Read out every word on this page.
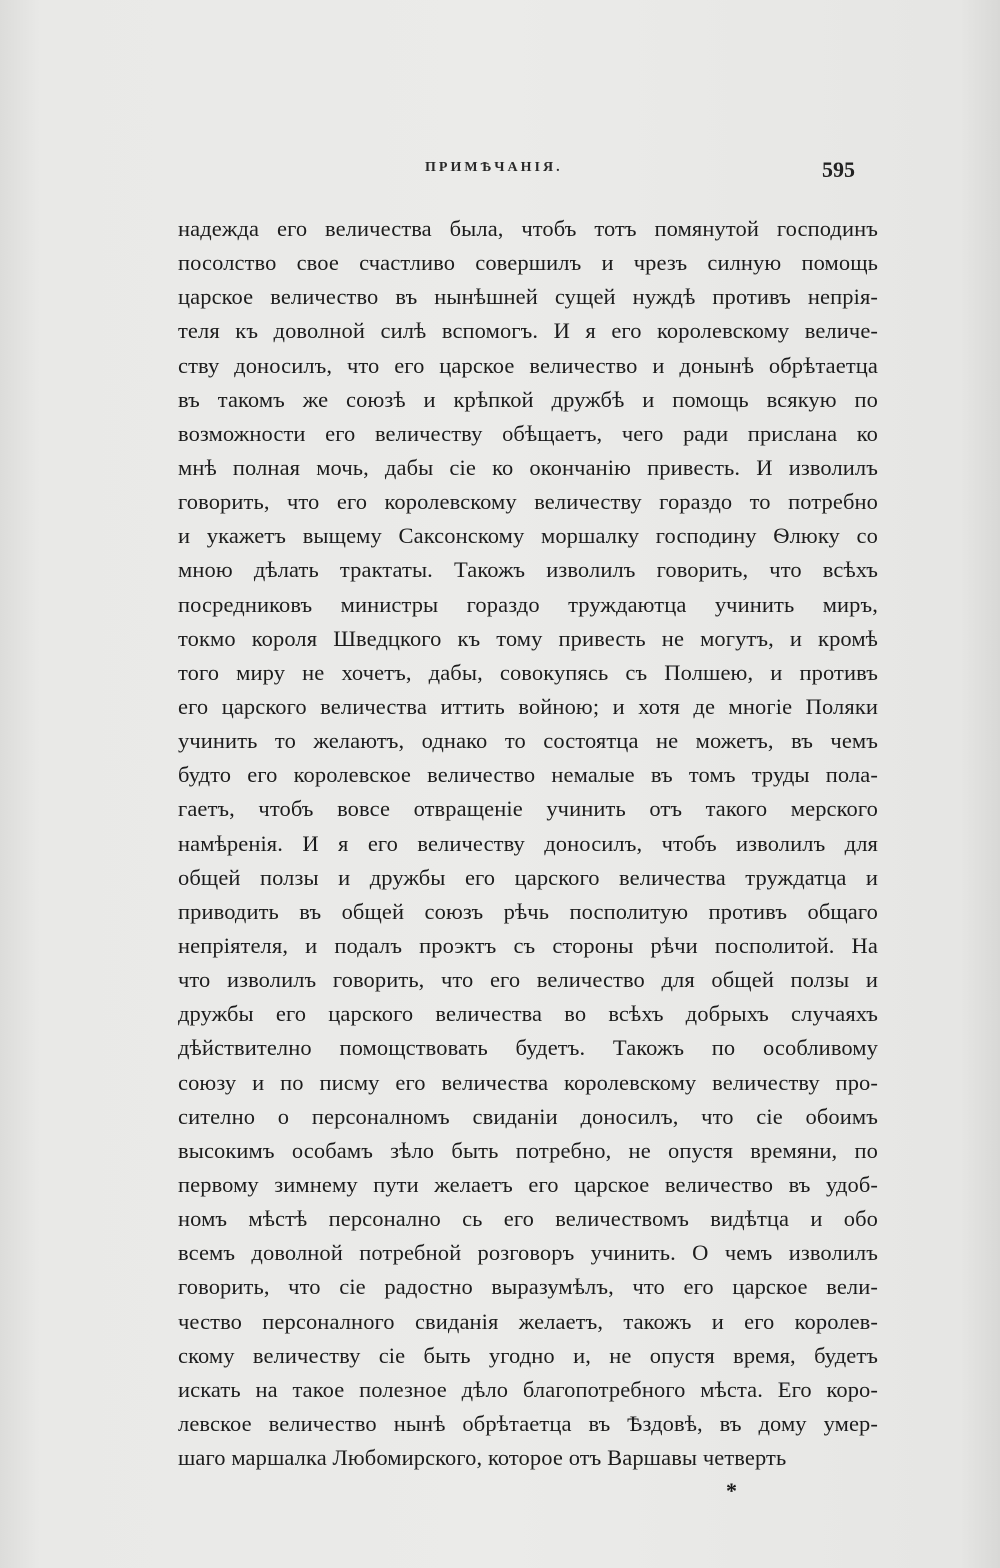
ПРИМѢЧАНІЯ.	595
надежда его величества была, чтобъ тотъ помянутой господинъ
посолство свое счастливо совершилъ и чрезъ силную помощь
царское величество въ нынѣшней сущей нуждѣ противъ непрія-
теля къ доволной силѣ вспомогъ. И я его королевскому величе-
ству доносилъ, что его царское величество и донынѣ обрѣтаетца
въ такомъ же союзѣ и крѣпкой дружбѣ и помощь всякую по
возможности его величеству обѣщаетъ, чего ради прислана ко
мнѣ полная мочь, дабы сіе ко окончанію привесть. И изволилъ
говорить, что его королевскому величеству гораздо то потребно
и укажетъ выщему Саксонскому моршалку господину Ѳлюку со
мною дѣлать трактаты. Такожъ изволилъ говорить, что всѣхъ
посредниковъ министры гораздо труждаютца учинить миръ,
токмо короля Шведцкого къ тому привесть не могутъ, и кромѣ
того миру не хочетъ, дабы, совокупясь съ Полшею, и противъ
его царского величества иттить войною; и хотя де многіе Поляки
учинить то желаютъ, однако то состоятца не можетъ, въ чемъ
будто его королевское величество немалые въ томъ труды пола-
гаетъ, чтобъ вовсе отвращеніе учинить отъ такого мерского
намѣренія. И я его величеству доносилъ, чтобъ изволилъ для
общей ползы и дружбы его царского величества труждатца и
приводить въ общей союзъ рѣчь посполитую противъ общаго
непріятеля, и подалъ проэктъ съ стороны рѣчи посполитой. На
что изволилъ говорить, что его величество для общей ползы и
дружбы его царского величества во всѣхъ добрыхъ случаяхъ
дѣйствително помощствовать будетъ. Такожъ по особливому
союзу и по писму его величества королевскому величеству про-
сително о персоналномъ свиданіи доносилъ, что сіе обоимъ
высокимъ особамъ зѣло быть потребно, не опустя времяни, по
первому зимнему пути желаетъ его царское величество въ удоб-
номъ мѣстѣ персонално сь его величествомъ видѣтца и обо
всемъ доволной потребной розговоръ учинить. О чемъ изволилъ
говорить, что сіе радостно выразумѣлъ, что его царское вели-
чество персоналного свиданія желаетъ, такожъ и его королев-
скому величеству сіе быть угодно и, не опустя время, будетъ
искать на такое полезное дѣло благопотребного мѣста. Его коро-
левское величество нынѣ обрѣтаетца въ Ѣздовѣ, въ дому умер-
шаго маршалка Любомирского, которое отъ Варшавы четверть
*
